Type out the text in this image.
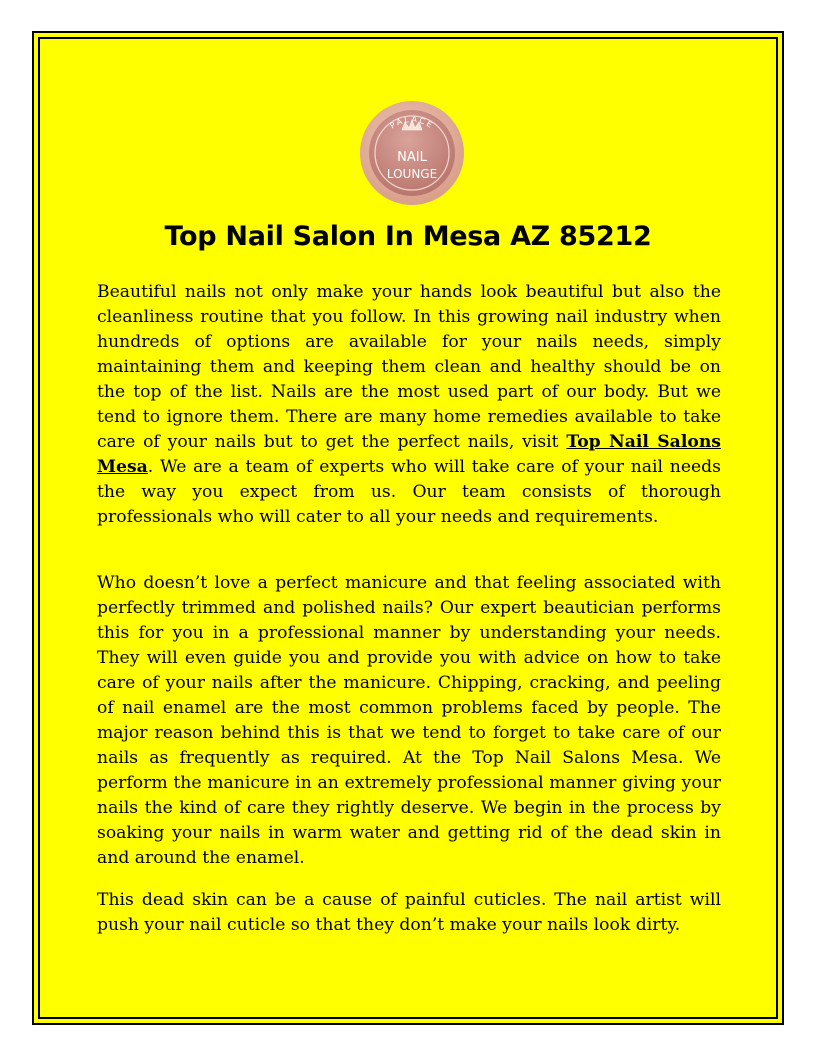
PALACE
NAIL
LOUNGE
Top Nail Salon In Mesa AZ 85212

Beautiful nails not only make your hands look beautiful but also the cleanliness routine that you follow. In this growing nail industry when hundreds of options are available for your nails needs, simply maintaining them and keeping them clean and healthy should be on the top of the list. Nails are the most used part of our body. But we tend to ignore them. There are many home remedies available to take care of your nails but to get the perfect nails, visit Top Nail Salons Mesa. We are a team of experts who will take care of your nail needs the way you expect from us. Our team consists of thorough professionals who will cater to all your needs and requirements.

Who doesn’t love a perfect manicure and that feeling associated with perfectly trimmed and polished nails? Our expert beautician performs this for you in a professional manner by understanding your needs. They will even guide you and provide you with advice on how to take care of your nails after the manicure. Chipping, cracking, and peeling of nail enamel are the most common problems faced by people. The major reason behind this is that we tend to forget to take care of our nails as frequently as required. At the Top Nail Salons Mesa. We perform the manicure in an extremely professional manner giving your nails the kind of care they rightly deserve. We begin in the process by soaking your nails in warm water and getting rid of the dead skin in and around the enamel.

This dead skin can be a cause of painful cuticles. The nail artist will push your nail cuticle so that they don’t make your nails look dirty.
